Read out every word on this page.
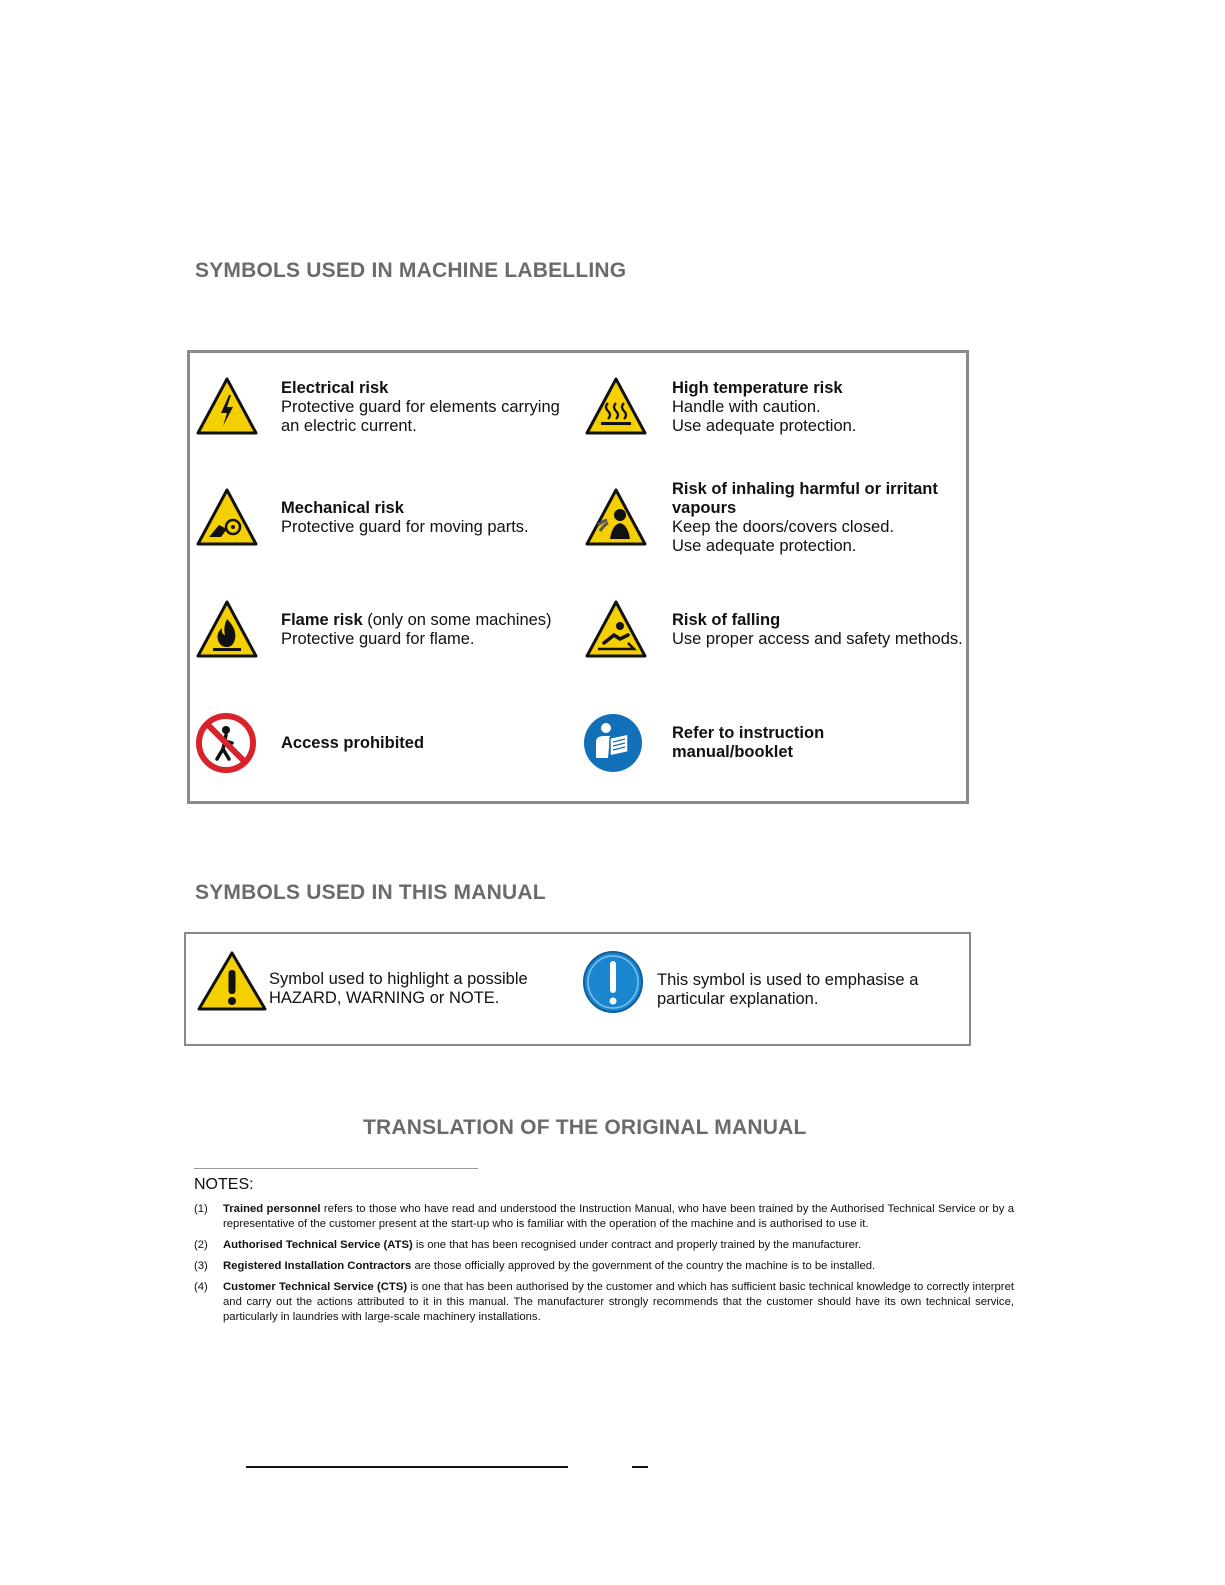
SYMBOLS USED IN MACHINE LABELLING
Electrical risk
Protective guard for elements carrying
an electric current.
High temperature risk
Handle with caution.
Use adequate protection.
Mechanical risk
Protective guard for moving parts.
Risk of inhaling harmful or irritant
vapours
Keep the doors/covers closed.
Use adequate protection.
Flame risk (only on some machines)
Protective guard for flame.
Risk of falling
Use proper access and safety methods.
Access prohibited
Refer to instruction
manual/booklet
SYMBOLS USED IN THIS MANUAL
Symbol used to highlight a possible
HAZARD, WARNING or NOTE.
This symbol is used to emphasise a
particular explanation.
TRANSLATION OF THE ORIGINAL MANUAL
NOTES:
(1) Trained personnel refers to those who have read and understood the Instruction Manual, who have been trained by the Authorised Technical Service or by a representative of the customer present at the start-up who is familiar with the operation of the machine and is authorised to use it.
(2) Authorised Technical Service (ATS) is one that has been recognised under contract and properly trained by the manufacturer.
(3) Registered Installation Contractors are those officially approved by the government of the country the machine is to be installed.
(4) Customer Technical Service (CTS) is one that has been authorised by the customer and which has sufficient basic technical knowledge to correctly interpret and carry out the actions attributed to it in this manual. The manufacturer strongly recommends that the customer should have its own technical service, particularly in laundries with large-scale machinery installations.
